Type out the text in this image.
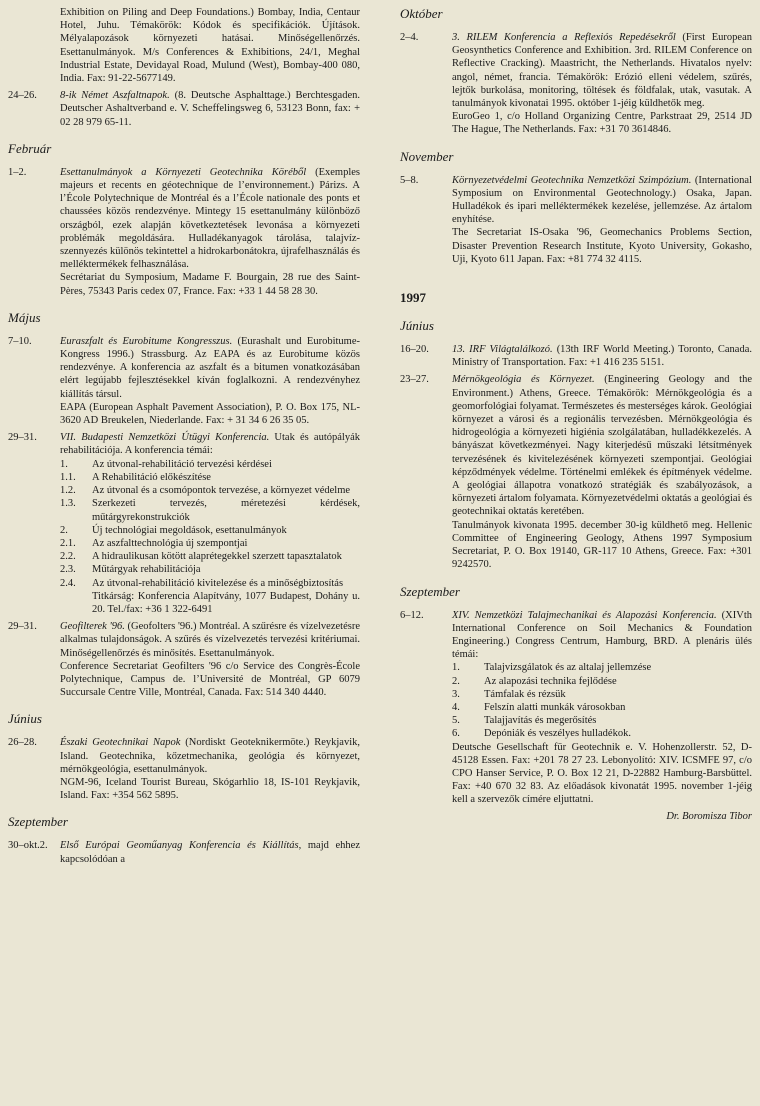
Exhibition on Piling and Deep Foundations.) Bombay, India, Centaur Hotel, Juhu. Témakörök: Kódok és specifikációk. Újítások. Mélyalapozások környezeti hatásai. Minőségellenőrzés. Esettanulmányok. M/s Conferences & Exhibitions, 24/1, Meghal Industrial Estate, Devidayal Road, Mulund (West), Bombay-400 080, India. Fax: 91-22-5677149.

24–26.	8-ik Német Aszfaltnapok. (8. Deutsche Asphalttage.) Berchtesgaden. Deutscher Ashaltverband e. V. Scheffelingsweg 6, 53123 Bonn, fax: + 02 28 979 65-11.

Február
1–2.	Esettanulmányok a Környezeti Geotechnika Köréből (Exemples majeurs et recents en géotechnique de l’environnement.) Párizs. A l’École Polytechnique de Montréal és a l’École nationale des ponts et chaussées közös rendezvénye. Mintegy 15 esettanulmány különböző országból, ezek alapján következtetések levonása a környezeti problémák megoldására. Hulladékanyagok tárolása, talajvíz-szennyezés különös tekintettel a hidrokarbonátokra, újrafelhasználás és melléktermékek felhasználása.

Secrétariat du Symposium, Madame F. Bourgain, 28 rue des Saint-Pères, 75343 Paris cedex 07, France. Fax: +33 1 44 58 28 30.

Május
7–10.	Euraszfalt és Eurobitume Kongresszus. (Eurashalt und Eurobitume-Kongress 1996.) Strassburg. Az EAPA és az Eurobitume közös rendezvénye. A konferencia az aszfalt és a bitumen vonatkozásában elért legújabb fejlesztésekkel kíván foglalkozni. A rendezvényhez kiállítás társul.

EAPA (European Asphalt Pavement Association), P. O. Box 175, NL-3620 AD Breukelen, Niederlande. Fax: + 31 34 6 26 35 05.

29–31.	VII. Budapesti Nemzetközi Útügyi Konferencia. Utak és autópályák rehabilitációja. A konferencia témái:

1.	Az útvonal-rehabilitáció tervezési kérdései
1.1.	A Rehabilitáció előkészítése
1.2.	Az útvonal és a csomópontok tervezése, a környezet védelme
1.3.	Szerkezeti tervezés, méretezési kérdések, műtárgyrekonstrukciók
2.	Új technológiai megoldások, esettanulmányok
2.1.	Az aszfalttechnológia új szempontjai
2.2.	A hidraulikusan kötött alaprétegekkel szerzett tapasztalatok
2.3.	Műtárgyak rehabilitációja
2.4.	Az útvonal-rehabilitáció kivitelezése és a minőségbiztosítás

Titkárság: Konferencia Alapítvány, 1077 Budapest, Dohány u. 20. Tel./fax: +36 1 322-6491

29–31.	Geofilterek '96. (Geofolters '96.) Montréal. A szűrésre és vízelvezetésre alkalmas tulajdonságok. A szűrés és vízelvezetés tervezési kritériumai. Minőségellenőrzés és minősítés. Esettanulmányok.

Conference Secretariat Geofilters '96 c/o Service des Congrès-École Polytechnique, Campus de. l’Université de Montréal, GP 6079 Succursale Centre Ville, Montréal, Canada. Fax: 514 340 4440.

Június
26–28.	Északi Geotechnikai Napok (Nordiskt Geoteknikermöte.) Reykjavik, Island. Geotechnika, kőzetmechanika, geológia és környezet, mérnökgeológia, esettanulmányok.

NGM-96, Iceland Tourist Bureau, Skógarhlio 18, IS-101 Reykjavik, Island. Fax: +354 562 5895.

Szeptember
30–okt.2.	Első Európai Geoműanyag Konferencia és Kiállítás, majd ehhez kapcsolódóan a

Október
2–4.	3. RILEM Konferencia a Reflexiós Repedésekről (First European Geosynthetics Conference and Exhibition. 3rd. RILEM Conference on Reflective Cracking). Maastricht, the Netherlands. Hivatalos nyelv: angol, német, francia. Témakörök: Erózió elleni védelem, szűrés, lejtők burkolása, monitoring, töltések és földfalak, utak, vasutak. A tanulmányok kivonatai 1995. október 1-jéig küldhetők meg.

EuroGeo 1, c/o Holland Organizing Centre, Parkstraat 29, 2514 JD The Hague, The Netherlands. Fax: +31 70 3614846.

November
5–8.	Környezetvédelmi Geotechnika Nemzetközi Szimpózium. (International Symposium on Environmental Geotechnology.) Osaka, Japan. Hulladékok és ipari melléktermékek kezelése, jellemzése. Az ártalom enyhítése.

The Secretariat IS-Osaka '96, Geomechanics Problems Section, Disaster Prevention Research Institute, Kyoto University, Gokasho, Uji, Kyoto 611 Japan. Fax: +81 774 32 4115.

1997
Június
16–20.	13. IRF Világtalálkozó. (13th IRF World Meeting.) Toronto, Canada. Ministry of Transportation. Fax: +1 416 235 5151.

23–27.	Mérnökgeológia és Környezet. (Engineering Geology and the Environment.) Athens, Greece. Témakörök: Mérnökgeológia és a geomorfológiai folyamat. Természetes és mesterséges károk. Geológiai környezet a városi és a regionális tervezésben. Mérnökgeológia és hidrogeológia a környezeti higiénia szolgálatában, hulladékkezelés. A bányászat következményei. Nagy kiterjedésű műszaki létsítmények tervezésének és kivitelezésének környezeti szempontjai. Geológiai képződmények védelme. Történelmi emlékek és építmények védelme. A geológiai állapotra vonatkozó stratégiák és szabályozások, a környezeti ártalom folyamata. Környezetvédelmi oktatás a geológiai és geotechnikai oktatás keretében.

Tanulmányok kivonata 1995. december 30-ig küldhető meg. Hellenic Committee of Engineering Geology, Athens 1997 Symposium Secretariat, P. O. Box 19140, GR-117 10 Athens, Greece. Fax: +301 9242570.

Szeptember
6–12.	XIV. Nemzetközi Talajmechanikai és Alapozási Konferencia. (XIVth International Conference on Soil Mechanics & Foundation Engineering.) Congress Centrum, Hamburg, BRD. A plenáris ülés témái:

1.	Talajvizsgálatok és az altalaj jellemzése
2.	Az alapozási technika fejlődése
3.	Támfalak és rézsük
4.	Felszín alatti munkák városokban
5.	Talajjavítás és megerősítés
6.	Depóniák és veszélyes hulladékok.

Deutsche Gesellschaft für Geotechnik e. V. Hohenzollerstr. 52, D-45128 Essen. Fax: +201 78 27 23. Lebonyolító: XIV. ICSMFE 97, c/o CPO Hanser Service, P. O. Box 12 21, D-22882 Hamburg-Barsbüttel. Fax: +40 670 32 83. Az előadások kivonatát 1995. november 1-jéig kell a szervezők címére eljuttatni.

Dr. Boromisza Tibor
